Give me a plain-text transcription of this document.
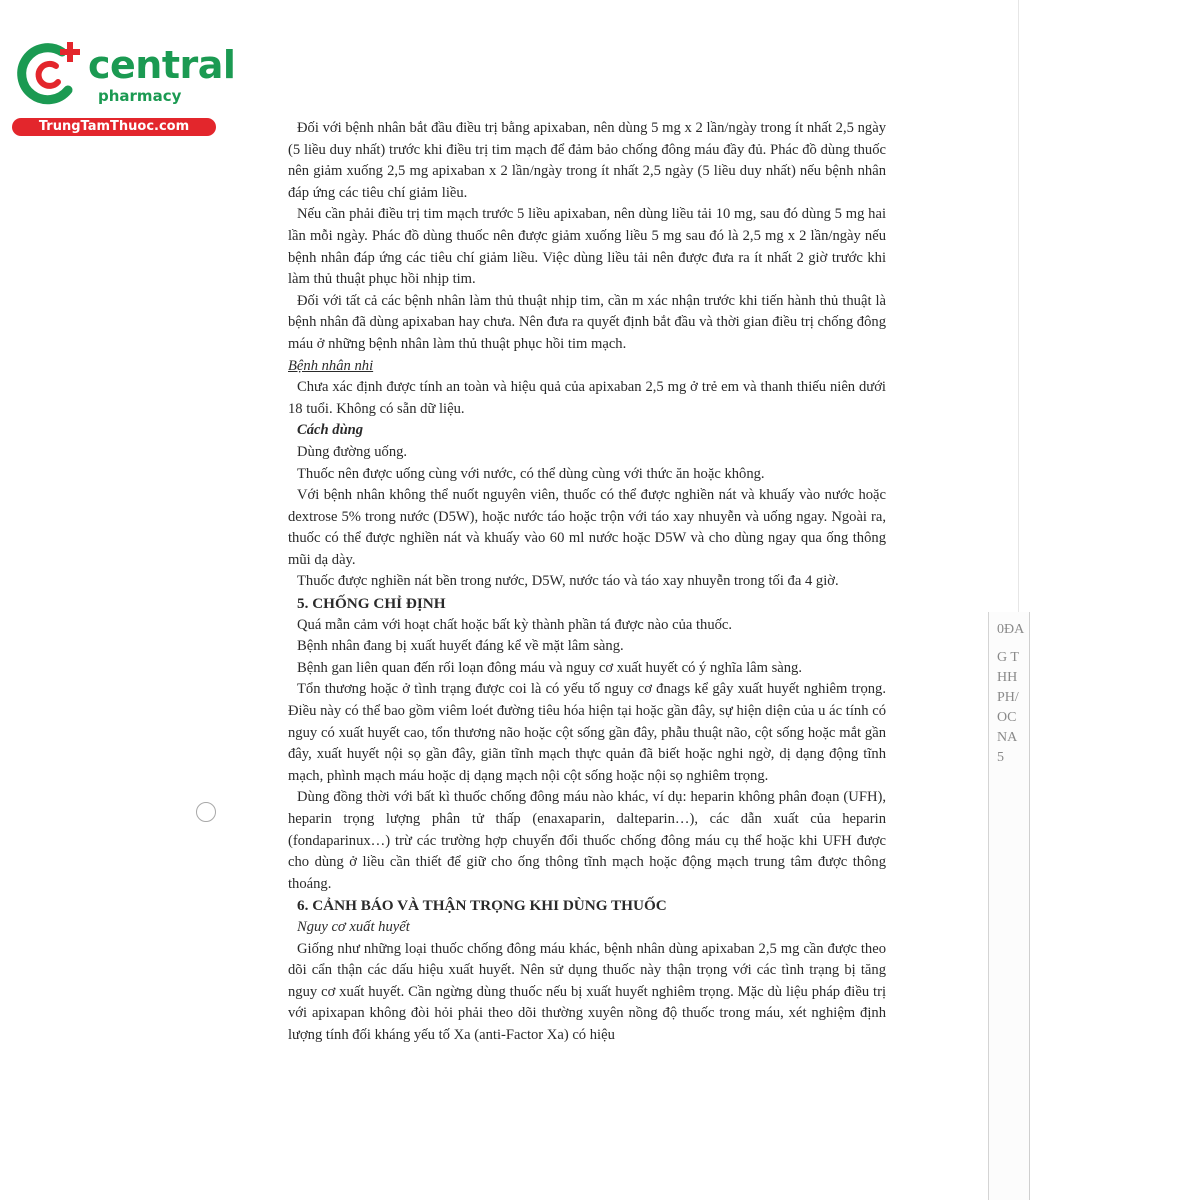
central
pharmacy
TrungTamThuoc.com	Đối với bệnh nhân bắt đầu điều trị bằng apixaban, nên dùng 5 mg x 2 lần/ngày trong ít nhất 2,5 ngày (5 liều duy nhất) trước khi điều trị tim mạch để đảm bảo chống đông máu đầy đủ. Phác đồ dùng thuốc nên giảm xuống 2,5 mg apixaban x 2 lần/ngày trong ít nhất 2,5 ngày (5 liều duy nhất) nếu bệnh nhân đáp ứng các tiêu chí giảm liều.

Nếu cần phải điều trị tim mạch trước 5 liều apixaban, nên dùng liều tải 10 mg, sau đó dùng 5 mg hai lần mỗi ngày. Phác đồ dùng thuốc nên được giảm xuống liều 5 mg sau đó là 2,5 mg x 2 lần/ngày nếu bệnh nhân đáp ứng các tiêu chí giảm liều. Việc dùng liều tải nên được đưa ra ít nhất 2 giờ trước khi làm thủ thuật phục hồi nhịp tim.

Đối với tất cả các bệnh nhân làm thủ thuật nhịp tim, cần m xác nhận trước khi tiến hành thủ thuật là bệnh nhân đã dùng apixaban hay chưa. Nên đưa ra quyết định bắt đầu và thời gian điều trị chống đông máu ở những bệnh nhân làm thủ thuật phục hồi tim mạch.

Bệnh nhân nhi

Chưa xác định được tính an toàn và hiệu quả của apixaban 2,5 mg ở trẻ em và thanh thiếu niên dưới 18 tuổi. Không có sẵn dữ liệu.

Cách dùng

Dùng đường uống.

Thuốc nên được uống cùng với nước, có thể dùng cùng với thức ăn hoặc không.

Với bệnh nhân không thể nuốt nguyên viên, thuốc có thể được nghiền nát và khuấy vào nước hoặc dextrose 5% trong nước (D5W), hoặc nước táo hoặc trộn với táo xay nhuyễn và uống ngay. Ngoài ra, thuốc có thể được nghiền nát và khuấy vào 60 ml nước hoặc D5W và cho dùng ngay qua ống thông mũi dạ dày.

Thuốc được nghiền nát bền trong nước, D5W, nước táo và táo xay nhuyễn trong tối đa 4 giờ.

5. CHỐNG CHỈ ĐỊNH

Quá mẫn cảm với hoạt chất hoặc bất kỳ thành phần tá được nào của thuốc.

Bệnh nhân đang bị xuất huyết đáng kể về mặt lâm sàng.

Bệnh gan liên quan đến rối loạn đông máu và nguy cơ xuất huyết có ý nghĩa lâm sàng.

Tổn thương hoặc ở tình trạng được coi là có yếu tố nguy cơ đnags kể gây xuất huyết nghiêm trọng. Điều này có thể bao gồm viêm loét đường tiêu hóa hiện tại hoặc gần đây, sự hiện diện của u ác tính có nguy có xuất huyết cao, tổn thương não hoặc cột sống gần đây, phẫu thuật não, cột sống hoặc mắt gần đây, xuất huyết nội sọ gần đây, giãn tĩnh mạch thực quản đã biết hoặc nghi ngờ, dị dạng động tĩnh mạch, phình mạch máu hoặc dị dạng mạch nội cột sống hoặc nội sọ nghiêm trọng.

Dùng đồng thời với bất kì thuốc chống đông máu nào khác, ví dụ: heparin không phân đoạn (UFH), heparin trọng lượng phân tử thấp (enaxaparin, dalteparin…), các dẫn xuất của heparin (fondaparinux…) trừ các trường hợp chuyển đổi thuốc chống đông máu cụ thể hoặc khi UFH được cho dùng ở liều cần thiết để giữ cho ống thông tĩnh mạch hoặc động mạch trung tâm được thông thoáng.

6. CẢNH BÁO VÀ THẬN TRỌNG KHI DÙNG THUỐC

Nguy cơ xuất huyết

Giống như những loại thuốc chống đông máu khác, bệnh nhân dùng apixaban 2,5 mg cần được theo dõi cẩn thận các dấu hiệu xuất huyết. Nên sử dụng thuốc này thận trọng với các tình trạng bị tăng nguy cơ xuất huyết. Cần ngừng dùng thuốc nếu bị xuất huyết nghiêm trọng. Mặc dù liệu pháp điều trị với apixapan không đòi hỏi phải theo dõi thường xuyên nồng độ thuốc trong máu, xét nghiệm định lượng tính đối kháng yếu tố Xa (anti-Factor Xa) có hiệu

0ĐA
G T
HH
PH/
OC
NA
5
